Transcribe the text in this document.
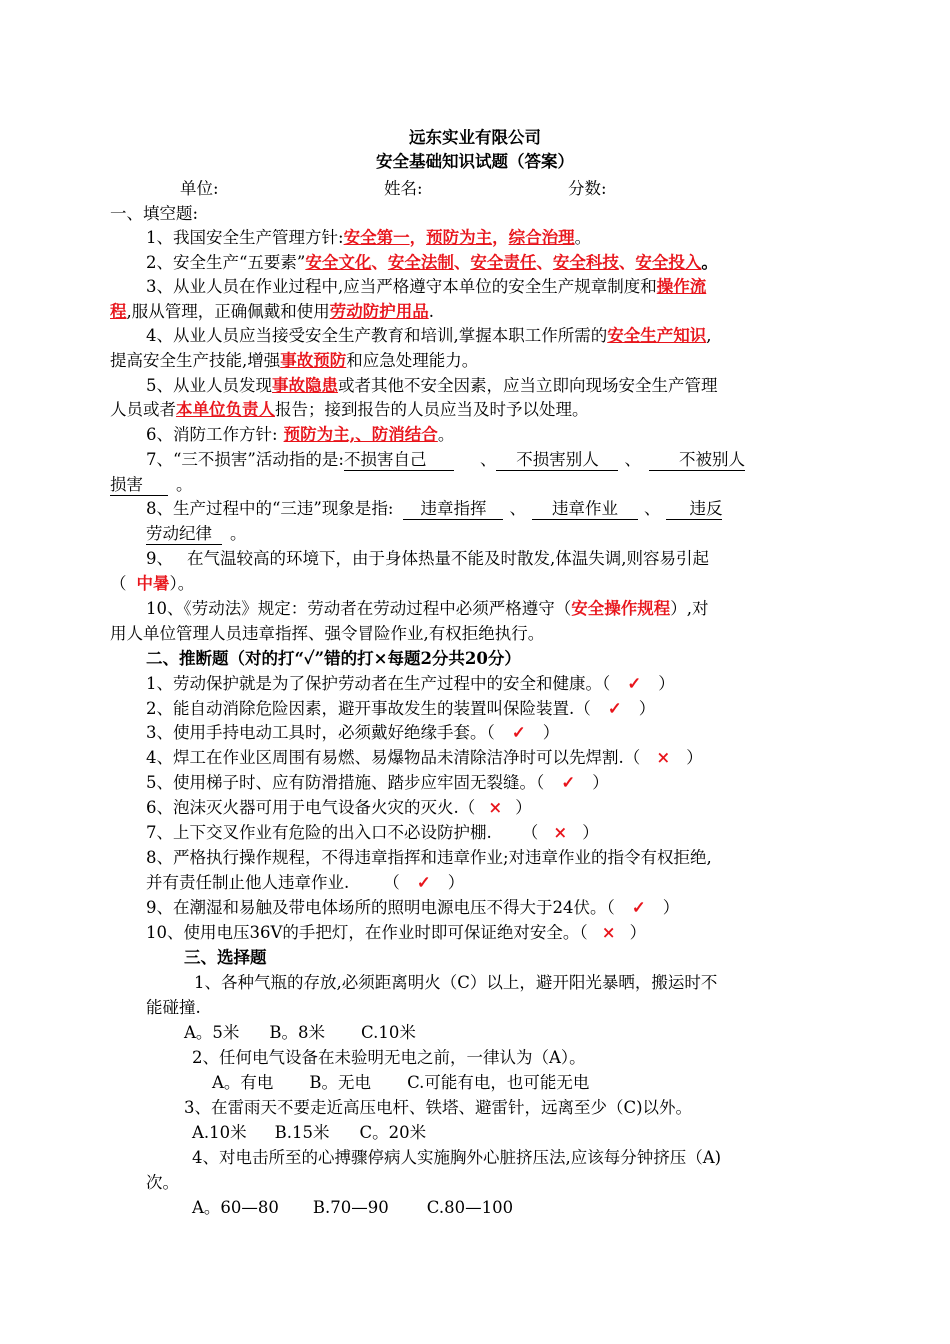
远东实业有限公司
安全基础知识试题（答案）
单位:	姓名:	分数:
一、填空题:
1、我国安全生产管理方针:安全第一，预防为主，综合治理。
2、安全生产“五要素”安全文化、安全法制、安全责任、安全科技、安全投入。
3、从业人员在作业过程中,应当严格遵守本单位的安全生产规章制度和操作流
程,服从管理，正确佩戴和使用劳动防护用品.
4、从业人员应当接受安全生产教育和培训,掌握本职工作所需的安全生产知识,
提高安全生产技能,增强事故预防和应急处理能力。
5、从业人员发现事故隐患或者其他不安全因素，应当立即向现场安全生产管理
人员或者本单位负责人报告；接到报告的人员应当及时予以处理。
6、消防工作方针: 预防为主,、防消结合。
7、“三不损害”活动指的是:不损害自己	、 不损害别人 、 不被别人
损害 。
8、生产过程中的“三违”现象是指: 违章指挥 、 违章作业 、 违反
劳动纪律 。
9、 在气温较高的环境下，由于身体热量不能及时散发,体温失调,则容易引起
（ 中暑）。
10、《劳动法》规定：劳动者在劳动过程中必须严格遵守（安全操作规程）,对
用人单位管理人员违章指挥、强令冒险作业,有权拒绝执行。
二、推断题（对的打“✓”错的打×每题2分共20分）
1、劳动保护就是为了保护劳动者在生产过程中的安全和健康。（ ✓ ）
2、能自动消除危险因素，避开事故发生的装置叫保险装置.（ ✓ ）
3、使用手持电动工具时，必须戴好绝缘手套。（ ✓ ）
4、焊工在作业区周围有易燃、易爆物品未清除洁净时可以先焊割.（ × ）
5、使用梯子时、应有防滑措施、踏步应牢固无裂缝。（ ✓ ）
6、泡沫灭火器可用于电气设备火灾的灭火.（ × ）
7、上下交叉作业有危险的出入口不必设防护棚. （ × ）
8、严格执行操作规程，不得违章指挥和违章作业;对违章作业的指令有权拒绝,
并有责任制止他人违章作业. （ ✓ ）
9、在潮湿和易触及带电体场所的照明电源电压不得大于24伏。（ ✓ ）
10、使用电压36V的手把灯，在作业时即可保证绝对安全。（ × ）
三、选择题
1、各种气瓶的存放,必须距离明火（C）以上，避开阳光暴晒，搬运时不
能碰撞.
A。5米 B。8米 C.10米
2、任何电气设备在未验明无电之前，一律认为（A）。
A。有电 B。无电 C.可能有电，也可能无电
3、在雷雨天不要走近高压电杆、铁塔、避雷针，远离至少（C)以外。
A.10米 B.15米 C。20米
4、对电击所至的心搏骤停病人实施胸外心脏挤压法,应该每分钟挤压（A)
次。
A。60—80 B.70—90 C.80—100
